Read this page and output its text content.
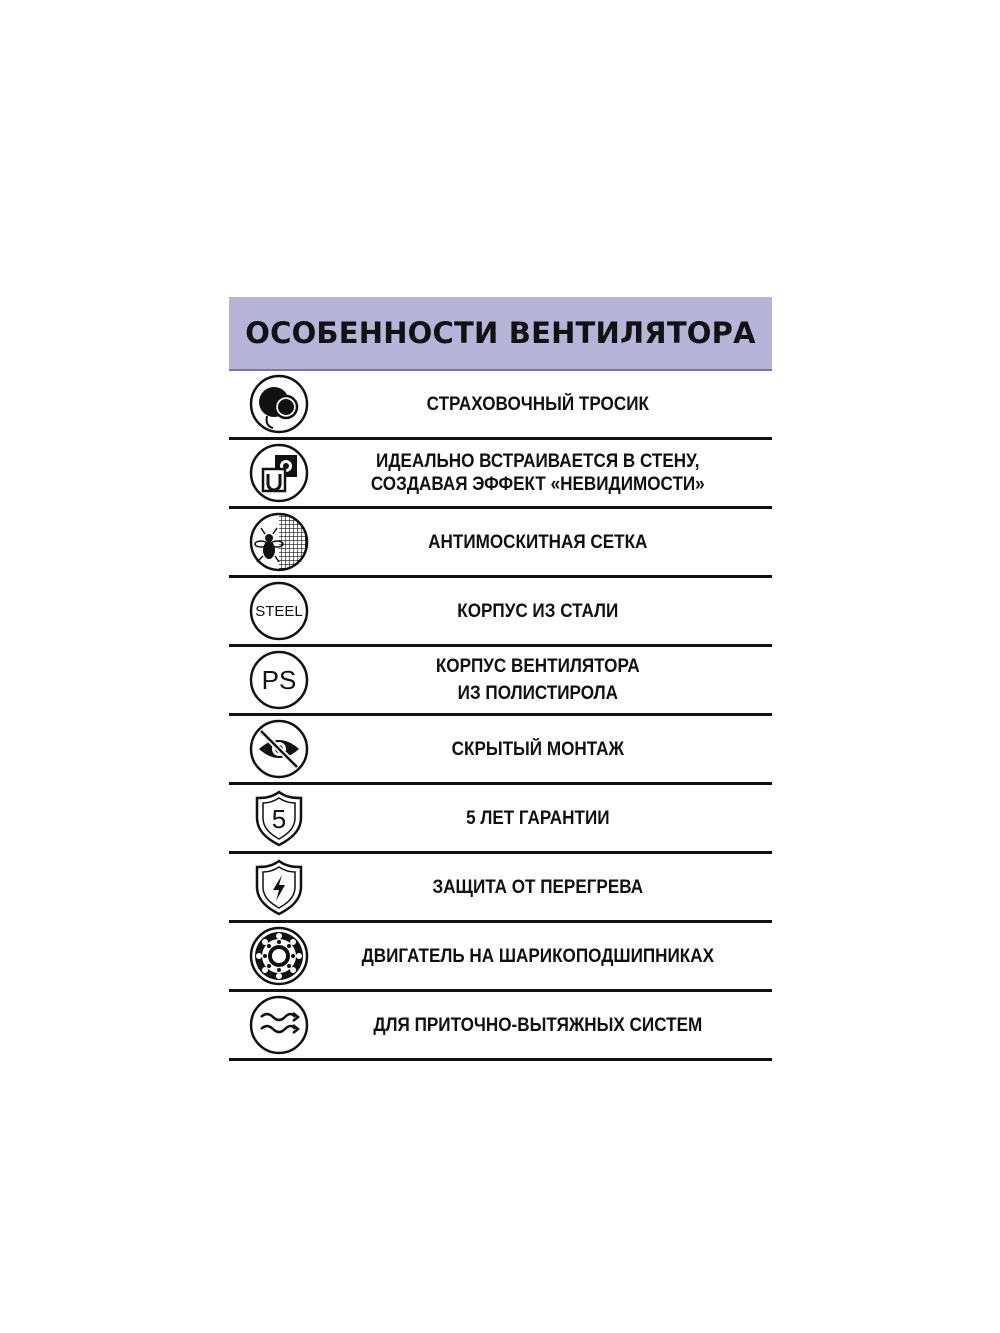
ОСОБЕННОСТИ ВЕНТИЛЯТОРА
СТРАХОВОЧНЫЙ ТРОСИК
ИДЕАЛЬНО ВСТРАИВАЕТСЯ В СТЕНУ,
СОЗДАВАЯ ЭФФЕКТ «НЕВИДИМОСТИ»
АНТИМОСКИТНАЯ СЕТКА
STEEL	КОРПУС ИЗ СТАЛИ
PS	КОРПУС ВЕНТИЛЯТОРА
ИЗ ПОЛИСТИРОЛА
СКРЫТЫЙ МОНТАЖ
5	5 ЛЕТ ГАРАНТИИ
ЗАЩИТА ОТ ПЕРЕГРЕВА
ДВИГАТЕЛЬ НА ШАРИКОПОДШИПНИКАХ
ДЛЯ ПРИТОЧНО-ВЫТЯЖНЫХ СИСТЕМ
